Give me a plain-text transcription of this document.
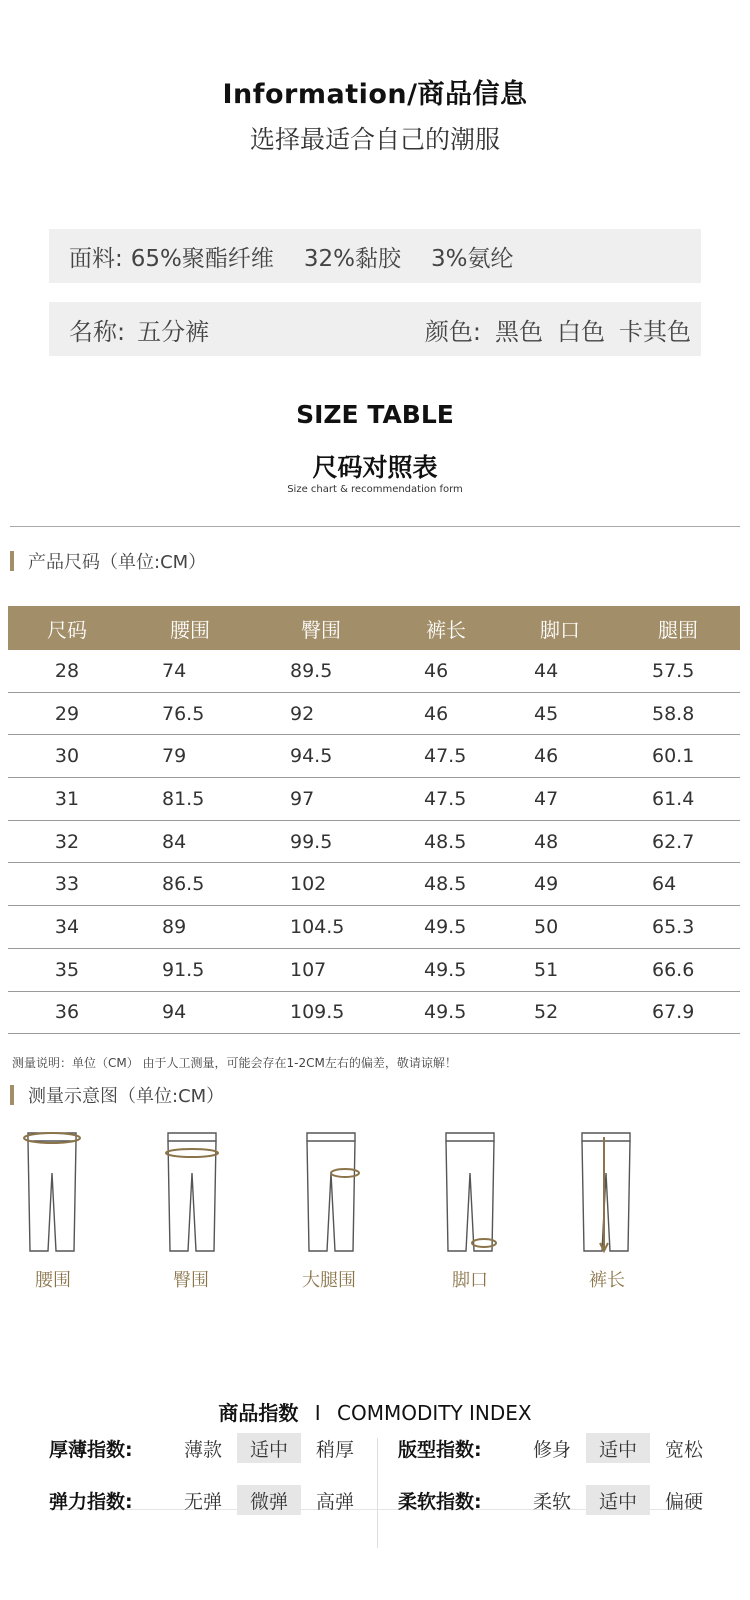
Information/商品信息
选择最适合自己的潮服
面料: 65%聚酯纤维 32%黏胶 3%氨纶
名称: 五分裤	颜色: 黑色 白色 卡其色
SIZE TABLE
尺码对照表
Size chart & recommendation form
产品尺码（单位:CM）
尺码	腰围	臀围	裤长	脚口	腿围
28	74	89.5	46	44	57.5
29	76.5	92	46	45	58.8
30	79	94.5	47.5	46	60.1
31	81.5	97	47.5	47	61.4
32	84	99.5	48.5	48	62.7
33	86.5	102	48.5	49	64
34	89	104.5	49.5	50	65.3
35	91.5	107	49.5	51	66.6
36	94	109.5	49.5	52	67.9
测量说明：单位（CM） 由于人工测量，可能会存在1-2CM左右的偏差，敬请谅解！
测量示意图（单位:CM）
腰围	臀围	大腿围	脚口	裤长
商品指数 I COMMODITY INDEX
厚薄指数:	薄款	适中	稍厚	版型指数:	修身	适中	宽松
弹力指数:	无弹	微弹	高弹	柔软指数:	柔软	适中	偏硬
